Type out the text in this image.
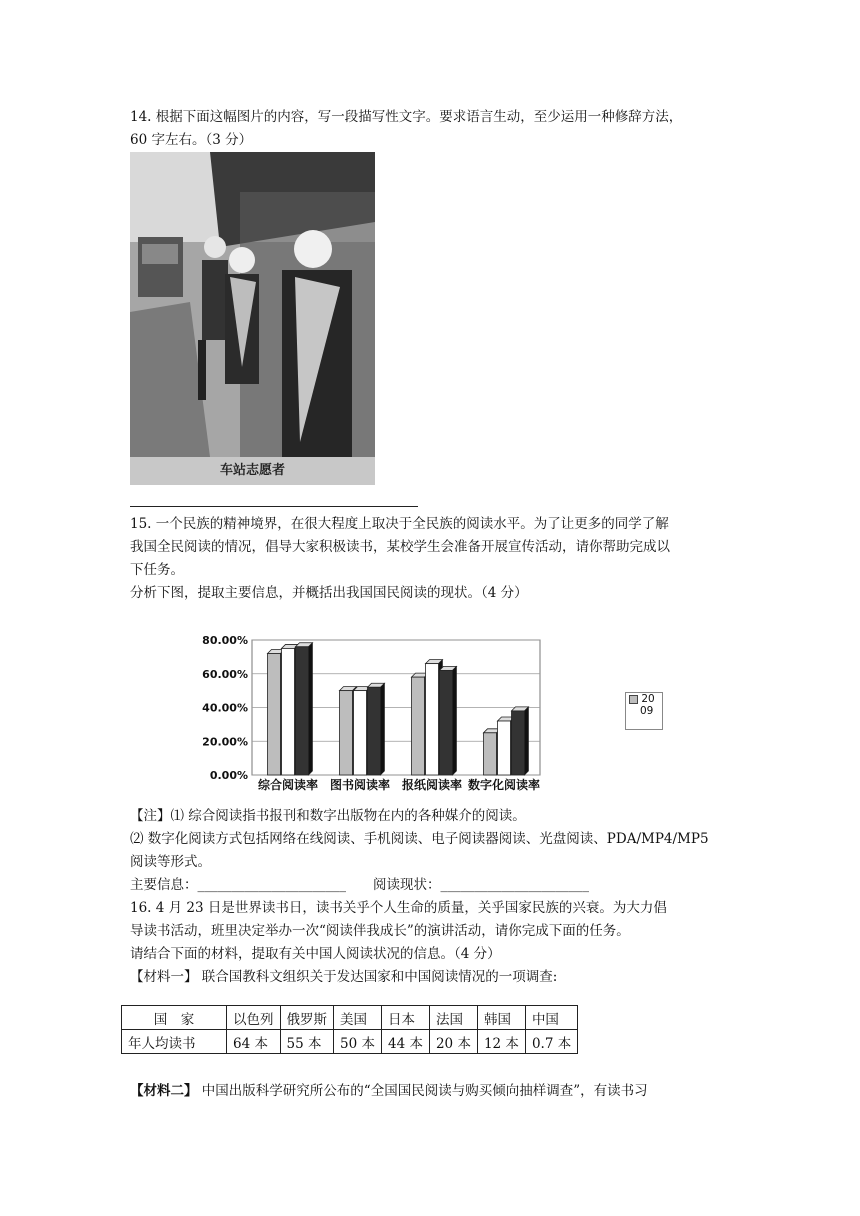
14. 根据下面这幅图片的内容，写一段描写性文字。要求语言生动，至少运用一种修辞方法，
60 字左右。（3 分）
车站志愿者
15. 一个民族的精神境界，在很大程度上取决于全民族的阅读水平。为了让更多的同学了解
我国全民阅读的情况，倡导大家积极读书，某校学生会准备开展宣传活动，请你帮助完成以
下任务。
分析下图，提取主要信息，并概括出我国国民阅读的现状。（4 分）
0.00%
20.00%
40.00%
60.00%
80.00%
综合阅读率 图书阅读率 报纸阅读率 数字化阅读率
20
09
【注】⑴ 综合阅读指书报刊和数字出版物在内的各种媒介的阅读。
⑵ 数字化阅读方式包括网络在线阅读、手机阅读、电子阅读器阅读、光盘阅读、PDA/MP4/MP5
阅读等形式。
主要信息：______________________　　阅读现状：______________________
16. 4 月 23 日是世界读书日，读书关乎个人生命的质量，关乎国家民族的兴衰。为大力倡
导读书活动，班里决定举办一次“阅读伴我成长”的演讲活动，请你完成下面的任务。
请结合下面的材料，提取有关中国人阅读状况的信息。（4 分）
【材料一】 联合国教科文组织关于发达国家和中国阅读情况的一项调查:
国　家	以色列	俄罗斯	美国	日本	法国	韩国	中国
年人均读书	64 本	55 本	50 本	44 本	20 本	12 本	0.7 本
【材料二】 中国出版科学研究所公布的“全国国民阅读与购买倾向抽样调查”，有读书习
